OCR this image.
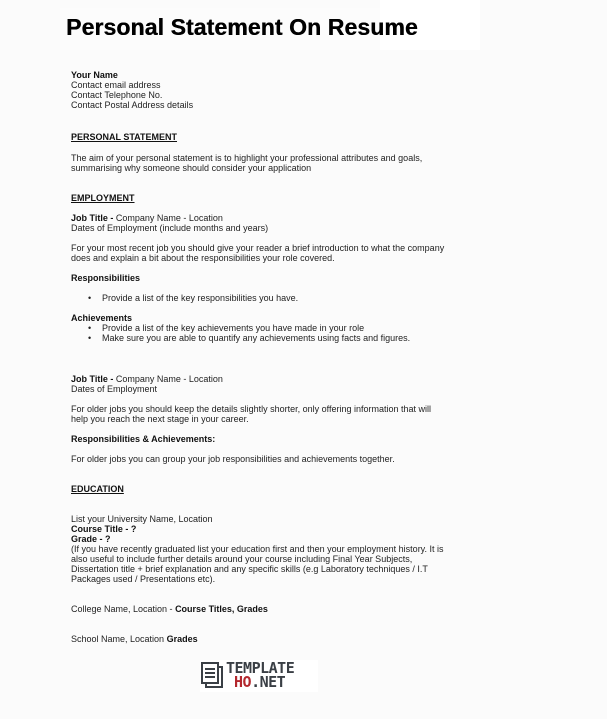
Personal Statement On Resume
Your Name
Contact email address
Contact Telephone No.
Contact Postal Address details
PERSONAL STATEMENT
The aim of your personal statement is to highlight your professional attributes and goals,
summarising why someone should consider your application
EMPLOYMENT
Job Title - Company Name - Location
Dates of Employment (include months and years)
For your most recent job you should give your reader a brief introduction to what the company
does and explain a bit about the responsibilities your role covered.
Responsibilities
• Provide a list of the key responsibilities you have.
Achievements
• Provide a list of the key achievements you have made in your role
• Make sure you are able to quantify any achievements using facts and figures.
Job Title - Company Name - Location
Dates of Employment
For older jobs you should keep the details slightly shorter, only offering information that will
help you reach the next stage in your career.
Responsibilities & Achievements:
For older jobs you can group your job responsibilities and achievements together.
EDUCATION
List your University Name, Location
Course Title - ?
Grade - ?
(If you have recently graduated list your education first and then your employment history. It is
also useful to include further details around your course including Final Year Subjects,
Dissertation title + brief explanation and any specific skills (e.g Laboratory techniques / I.T
Packages used / Presentations etc).
College Name, Location - Course Titles, Grades
School Name, Location Grades
TEMPLATE
HO.NET
